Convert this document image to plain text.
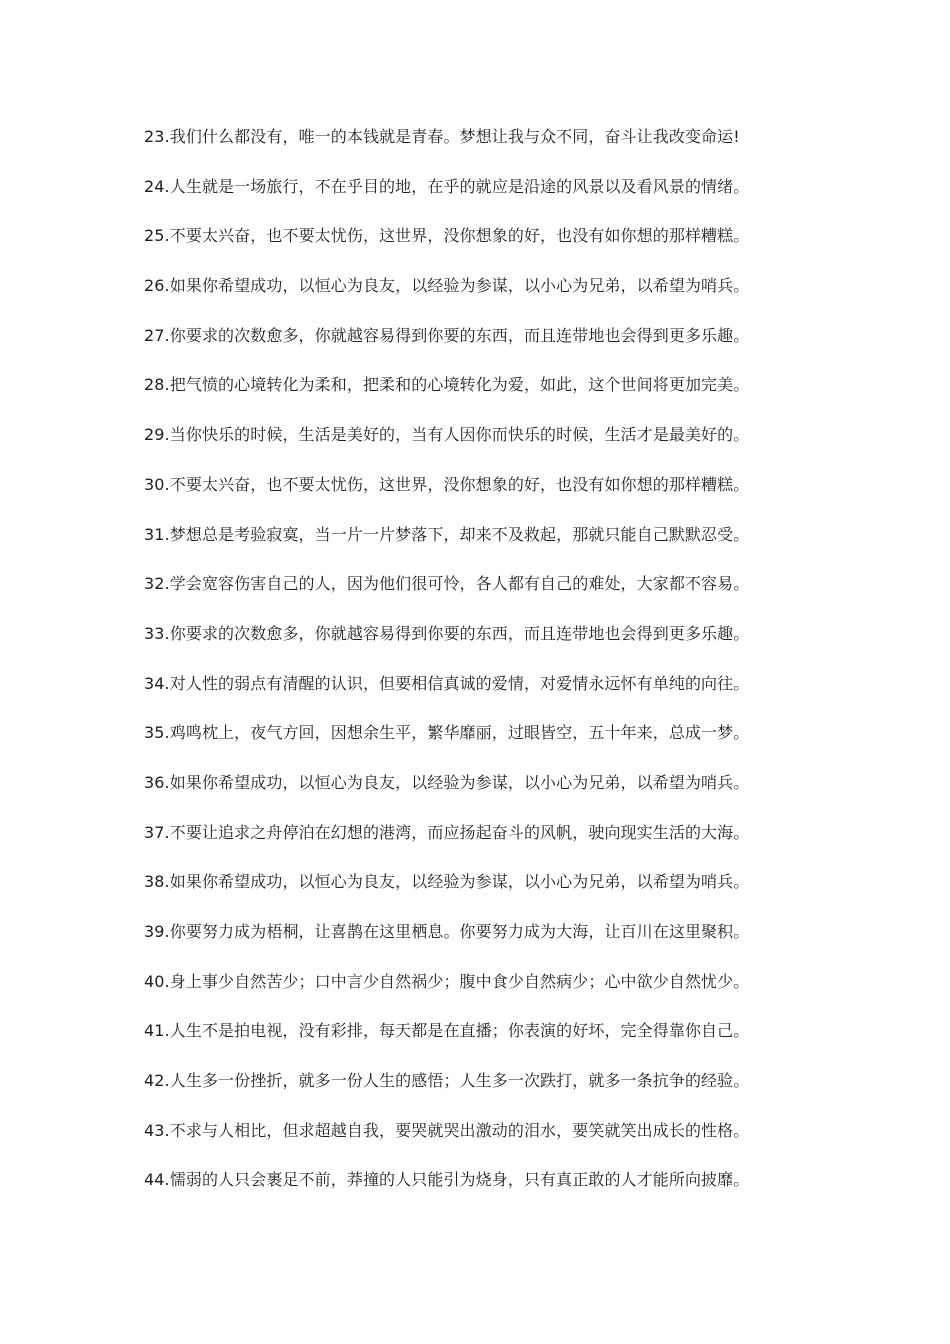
23.我们什么都没有，唯一的本钱就是青春。梦想让我与众不同，奋斗让我改变命运!
24.人生就是一场旅行，不在乎目的地，在乎的就应是沿途的风景以及看风景的情绪。
25.不要太兴奋，也不要太忧伤，这世界，没你想象的好，也没有如你想的那样糟糕。
26.如果你希望成功，以恒心为良友，以经验为参谋，以小心为兄弟，以希望为哨兵。
27.你要求的次数愈多，你就越容易得到你要的东西，而且连带地也会得到更多乐趣。
28.把气愤的心境转化为柔和，把柔和的心境转化为爱，如此，这个世间将更加完美。
29.当你快乐的时候，生活是美好的，当有人因你而快乐的时候，生活才是最美好的。
30.不要太兴奋，也不要太忧伤，这世界，没你想象的好，也没有如你想的那样糟糕。
31.梦想总是考验寂寞，当一片一片梦落下，却来不及救起，那就只能自己默默忍受。
32.学会宽容伤害自己的人，因为他们很可怜，各人都有自己的难处，大家都不容易。
33.你要求的次数愈多，你就越容易得到你要的东西，而且连带地也会得到更多乐趣。
34.对人性的弱点有清醒的认识，但要相信真诚的爱情，对爱情永远怀有单纯的向往。
35.鸡鸣枕上，夜气方回，因想余生平，繁华靡丽，过眼皆空，五十年来，总成一梦。
36.如果你希望成功，以恒心为良友，以经验为参谋，以小心为兄弟，以希望为哨兵。
37.不要让追求之舟停泊在幻想的港湾，而应扬起奋斗的风帆，驶向现实生活的大海。
38.如果你希望成功，以恒心为良友，以经验为参谋，以小心为兄弟，以希望为哨兵。
39.你要努力成为梧桐，让喜鹊在这里栖息。你要努力成为大海，让百川在这里聚积。
40.身上事少自然苦少；口中言少自然祸少；腹中食少自然病少；心中欲少自然忧少。
41.人生不是拍电视，没有彩排，每天都是在直播；你表演的好坏，完全得靠你自己。
42.人生多一份挫折，就多一份人生的感悟；人生多一次跌打，就多一条抗争的经验。
43.不求与人相比，但求超越自我，要哭就哭出激动的泪水，要笑就笑出成长的性格。
44.懦弱的人只会裹足不前，莽撞的人只能引为烧身，只有真正敢的人才能所向披靡。
